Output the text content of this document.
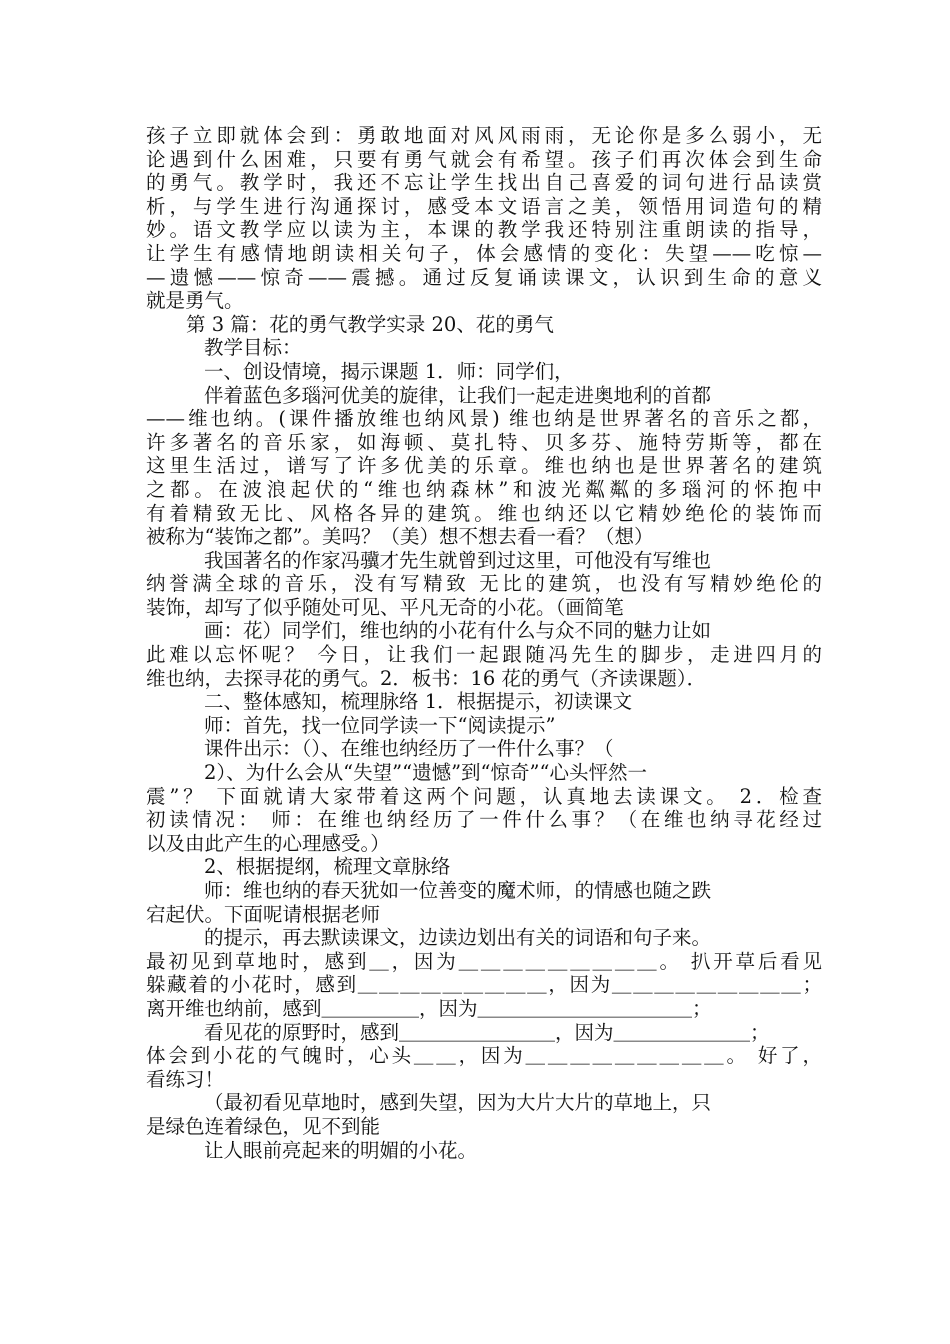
孩子立即就体会到：勇敢地面对风风雨雨，无论你是多么弱小，无
论遇到什么困难，只要有勇气就会有希望。孩子们再次体会到生命
的勇气。教学时，我还不忘让学生找出自己喜爱的词句进行品读赏
析，与学生进行沟通探讨，感受本文语言之美，领悟用词造句的精
妙。语文教学应以读为主，本课的教学我还特别注重朗读的指导，
让学生有感情地朗读相关句子，体会感情的变化：失望——吃惊—
—遗憾——惊奇——震撼。通过反复诵读课文，认识到生命的意义
就是勇气。
第 3 篇：花的勇气教学实录 20、花的勇气
教学目标：
一、创设情境，揭示课题 1．师：同学们，
伴着蓝色多瑙河优美的旋律，让我们一起走进奥地利的首都
——维也纳。(课件播放维也纳风景) 维也纳是世界著名的音乐之都，
许多著名的音乐家，如海顿、莫扎特、贝多芬、施特劳斯等，都在
这里生活过，谱写了许多优美的乐章。维也纳也是世界著名的建筑
之都。在波浪起伏的“维也纳森林”和波光粼粼的多瑙河的怀抱中
有着精致无比、风格各异的建筑。维也纳还以它精妙绝伦的装饰而
被称为“装饰之都”。美吗？（美）想不想去看一看？（想）
我国著名的作家冯骥才先生就曾到过这里，可他没有写维也
纳誉满全球的音乐，没有写精致 无比的建筑，也没有写精妙绝伦的
装饰，却写了似乎随处可见、平凡无奇的小花。（画简笔
画：花）同学们，维也纳的小花有什么与众不同的魅力让如
此难以忘怀呢？ 今日，让我们一起跟随冯先生的脚步，走进四月的
维也纳，去探寻花的勇气。2．板书：16 花的勇气（齐读课题）．
二、整体感知，梳理脉络 1．根据提示，初读课文
师：首先，找一位同学读一下“阅读提示”
课件出示：（）、在维也纳经历了一件什么事？（
2）、为什么会从“失望”“遗憾”到“惊奇”“心头怦然一
震”？ 下面就请大家带着这两个问题，认真地去读课文。 2．检查
初读情况： 师：在维也纳经历了一件什么事？（在维也纳寻花经过
以及由此产生的心理感受。）
2、根据提纲，梳理文章脉络
师：维也纳的春天犹如一位善变的魔术师，的情感也随之跌
宕起伏。下面呢请根据老师
的提示，再去默读课文，边读边划出有关的词语和句子来。
最初见到草地时，感到＿，因为＿＿＿＿＿＿＿＿＿。 扒开草后看见
躲藏着的小花时，感到＿＿＿＿＿＿＿＿＿，因为＿＿＿＿＿＿＿＿＿；
离开维也纳前，感到＿＿＿＿＿，因为＿＿＿＿＿＿＿＿＿＿＿；
看见花的原野时，感到＿＿＿＿＿＿＿＿，因为＿＿＿＿＿＿＿；
体会到小花的气魄时，心头＿＿，因为＿＿＿＿＿＿＿＿＿。 好了，
看练习！
（最初看见草地时，感到失望，因为大片大片的草地上，只
是绿色连着绿色，见不到能
让人眼前亮起来的明媚的小花。
